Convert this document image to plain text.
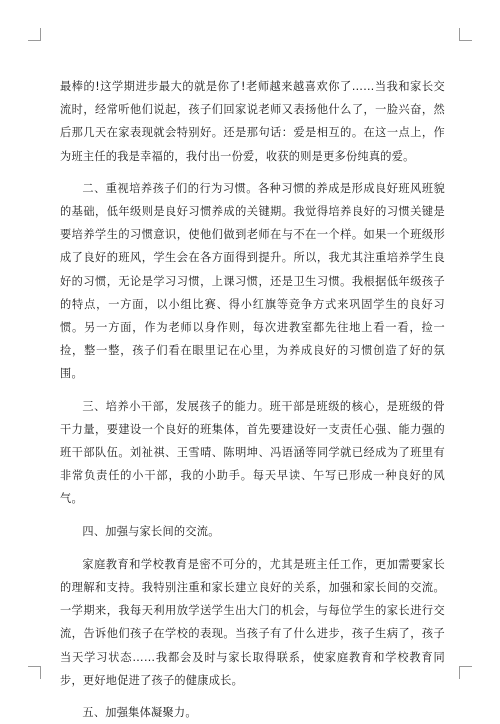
最棒的!这学期进步最大的就是你了!老师越来越喜欢你了……当我和家长交流时，经常听他们说起，孩子们回家说老师又表扬他什么了，一脸兴奋，然后那几天在家表现就会特别好。还是那句话：爱是相互的。在这一点上，作为班主任的我是幸福的，我付出一份爱，收获的则是更多份纯真的爱。

二、重视培养孩子们的行为习惯。各种习惯的养成是形成良好班风班貌的基础，低年级则是良好习惯养成的关键期。我觉得培养良好的习惯关键是要培养学生的习惯意识，使他们做到老师在与不在一个样。如果一个班级形成了良好的班风，学生会在各方面得到提升。所以，我尤其注重培养学生良好的习惯，无论是学习习惯，上课习惯，还是卫生习惯。我根据低年级孩子的特点，一方面，以小组比赛、得小红旗等竞争方式来巩固学生的良好习惯。另一方面，作为老师以身作则，每次进教室都先往地上看一看，捡一捡，整一整，孩子们看在眼里记在心里，为养成良好的习惯创造了好的氛围。

三、培养小干部，发展孩子的能力。班干部是班级的核心，是班级的骨干力量，要建设一个良好的班集体，首先要建设好一支责任心强、能力强的班干部队伍。刘祉祺、王雪晴、陈明坤、冯语涵等同学就已经成为了班里有非常负责任的小干部，我的小助手。每天早读、午写已形成一种良好的风气。

四、加强与家长间的交流。

家庭教育和学校教育是密不可分的，尤其是班主任工作，更加需要家长的理解和支持。我特别注重和家长建立良好的关系，加强和家长间的交流。一学期来，我每天利用放学送学生出大门的机会，与每位学生的家长进行交流，告诉他们孩子在学校的表现。当孩子有了什么进步，孩子生病了，孩子当天学习状态……我都会及时与家长取得联系，使家庭教育和学校教育同步，更好地促进了孩子的健康成长。

五、加强集体凝聚力。
